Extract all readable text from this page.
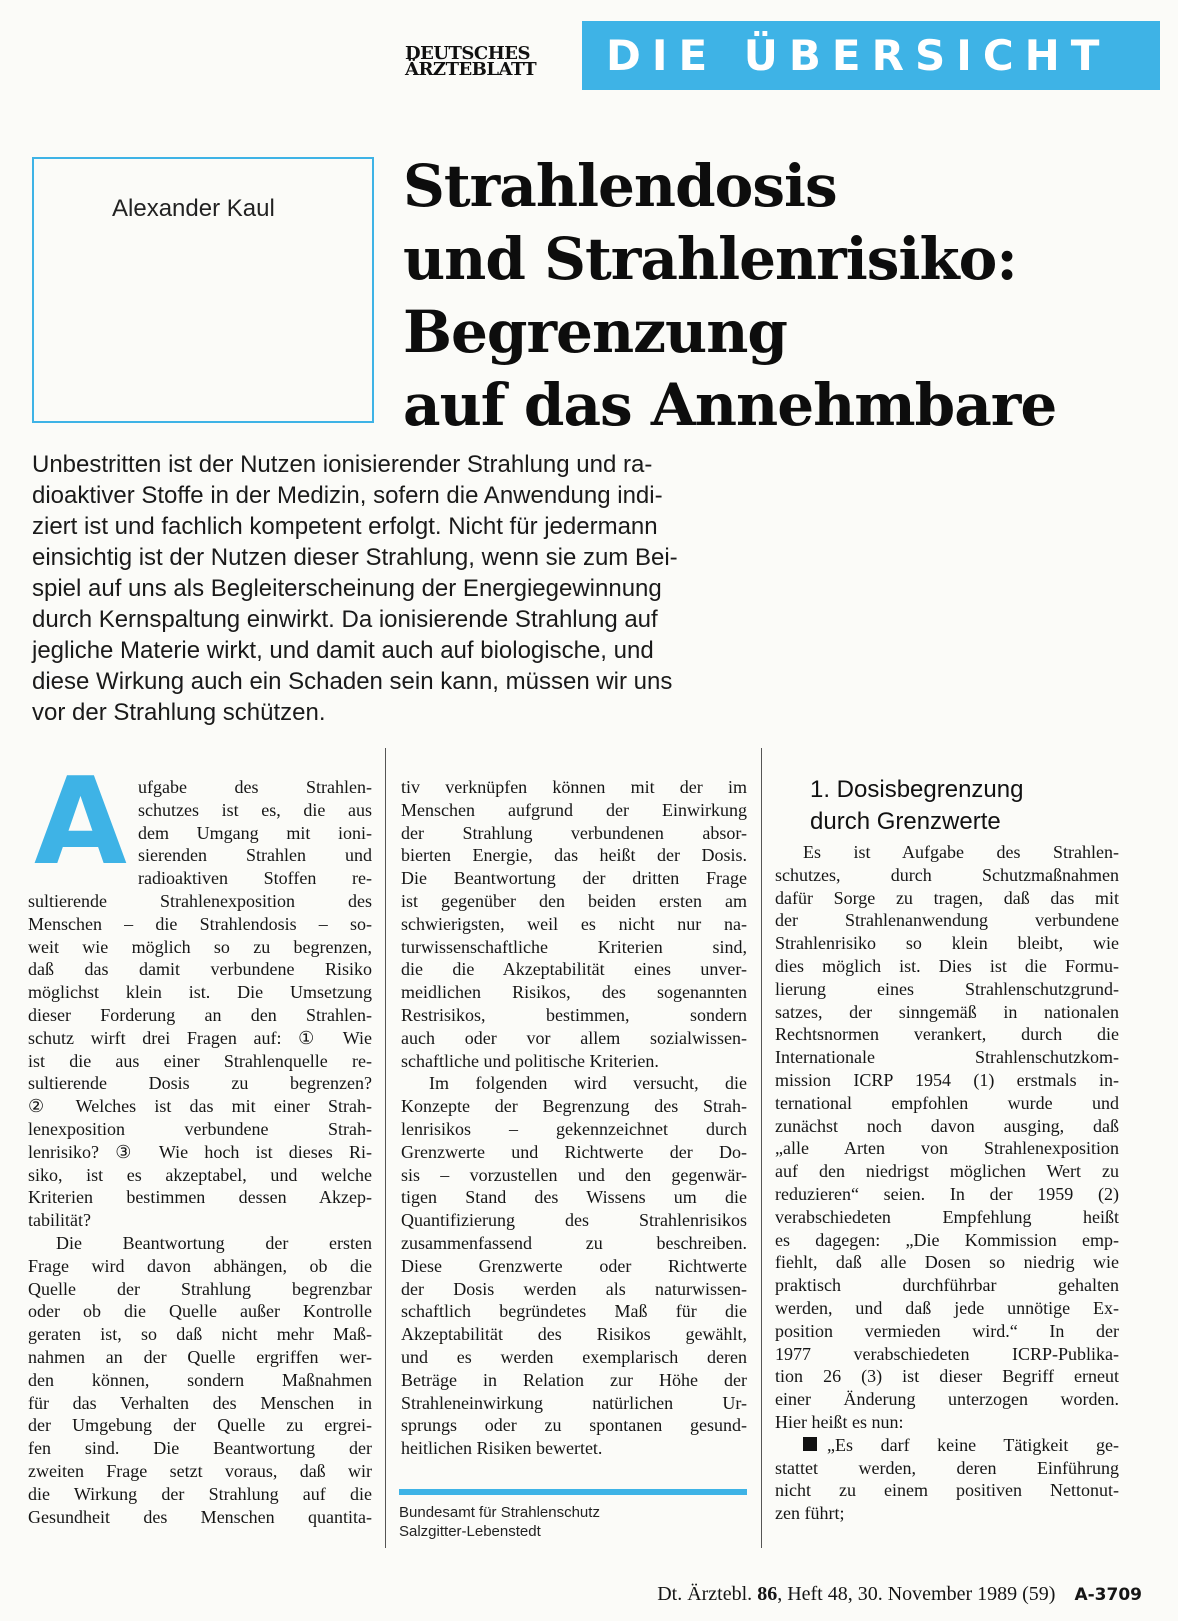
DEUTSCHES
ÄRZTEBLATT	DIE ÜBERSICHT
Alexander Kaul Strahlendosis
und Strahlenrisiko:
Begrenzung
auf das Annehmbare
Unbestritten ist der Nutzen ionisierender Strahlung und ra-
dioaktiver Stoffe in der Medizin, sofern die Anwendung indi-
ziert ist und fachlich kompetent erfolgt. Nicht für jedermann
einsichtig ist der Nutzen dieser Strahlung, wenn sie zum Bei-
spiel auf uns als Begleiterscheinung der Energiegewinnung
durch Kernspaltung einwirkt. Da ionisierende Strahlung auf
jegliche Materie wirkt, und damit auch auf biologische, und
diese Wirkung auch ein Schaden sein kann, müssen wir uns
vor der Strahlung schützen.
A ufgabe des Strahlen-
schutzes ist es, die aus
dem Umgang mit ioni-
sierenden Strahlen und
radioaktiven Stoffen re-
sultierende Strahlenexposition des
Menschen – die Strahlendosis – so-
weit wie möglich so zu begrenzen,
daß das damit verbundene Risiko
möglichst klein ist. Die Umsetzung
dieser Forderung an den Strahlen-
schutz wirft drei Fragen auf: ① Wie
ist die aus einer Strahlenquelle re-
sultierende Dosis zu begrenzen?
② Welches ist das mit einer Strah-
lenexposition verbundene Strah-
lenrisiko? ③ Wie hoch ist dieses Ri-
siko, ist es akzeptabel, und welche
Kriterien bestimmen dessen Akzep-
tabilität?
Die Beantwortung der ersten
Frage wird davon abhängen, ob die
Quelle der Strahlung begrenzbar
oder ob die Quelle außer Kontrolle
geraten ist, so daß nicht mehr Maß-
nahmen an der Quelle ergriffen wer-
den können, sondern Maßnahmen
für das Verhalten des Menschen in
der Umgebung der Quelle zu ergrei-
fen sind. Die Beantwortung der
zweiten Frage setzt voraus, daß wir
die Wirkung der Strahlung auf die
Gesundheit des Menschen quantita-
tiv verknüpfen können mit der im
Menschen aufgrund der Einwirkung
der Strahlung verbundenen absor-
bierten Energie, das heißt der Dosis.
Die Beantwortung der dritten Frage
ist gegenüber den beiden ersten am
schwierigsten, weil es nicht nur na-
turwissenschaftliche Kriterien sind,
die die Akzeptabilität eines unver-
meidlichen Risikos, des sogenannten
Restrisikos, bestimmen, sondern
auch oder vor allem sozialwissen-
schaftliche und politische Kriterien.
Im folgenden wird versucht, die
Konzepte der Begrenzung des Strah-
lenrisikos – gekennzeichnet durch
Grenzwerte und Richtwerte der Do-
sis – vorzustellen und den gegenwär-
tigen Stand des Wissens um die
Quantifizierung des Strahlenrisikos
zusammenfassend zu beschreiben.
Diese Grenzwerte oder Richtwerte
der Dosis werden als naturwissen-
schaftlich begründetes Maß für die
Akzeptabilität des Risikos gewählt,
und es werden exemplarisch deren
Beträge in Relation zur Höhe der
Strahleneinwirkung natürlichen Ur-
sprungs oder zu spontanen gesund-
heitlichen Risiken bewertet.
Bundesamt für Strahlenschutz
Salzgitter-Lebenstedt
1. Dosisbegrenzung
durch Grenzwerte
Es ist Aufgabe des Strahlen-
schutzes, durch Schutzmaßnahmen
dafür Sorge zu tragen, daß das mit
der Strahlenanwendung verbundene
Strahlenrisiko so klein bleibt, wie
dies möglich ist. Dies ist die Formu-
lierung eines Strahlenschutzgrund-
satzes, der sinngemäß in nationalen
Rechtsnormen verankert, durch die
Internationale Strahlenschutzkom-
mission ICRP 1954 (1) erstmals in-
ternational empfohlen wurde und
zunächst noch davon ausging, daß
„alle Arten von Strahlenexposition
auf den niedrigst möglichen Wert zu
reduzieren“ seien. In der 1959 (2)
verabschiedeten Empfehlung heißt
es dagegen: „Die Kommission emp-
fiehlt, daß alle Dosen so niedrig wie
praktisch durchführbar gehalten
werden, und daß jede unnötige Ex-
position vermieden wird.“ In der
1977 verabschiedeten ICRP-Publika-
tion 26 (3) ist dieser Begriff erneut
einer Änderung unterzogen worden.
Hier heißt es nun:
„Es darf keine Tätigkeit ge-
stattet werden, deren Einführung
nicht zu einem positiven Nettonut-
zen führt;
Dt. Ärztebl. 86, Heft 48, 30. November 1989 (59) A-3709
